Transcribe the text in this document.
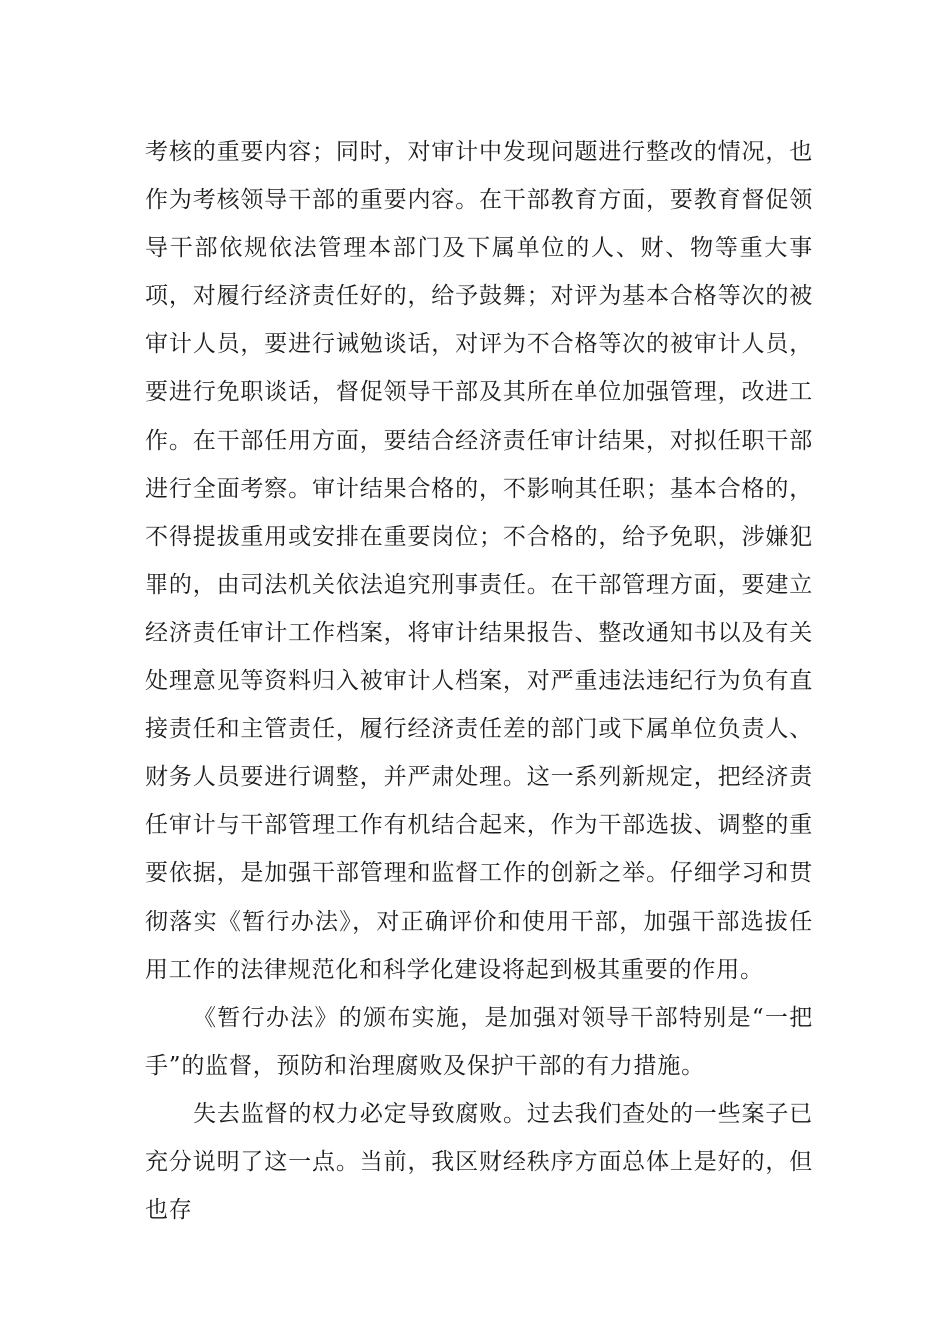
考核的重要内容；同时，对审计中发现问题进行整改的情况，也作为考核领导干部的重要内容。在干部教育方面，要教育督促领导干部依规依法管理本部门及下属单位的人、财、物等重大事项，对履行经济责任好的，给予鼓舞；对评为基本合格等次的被审计人员，要进行诫勉谈话，对评为不合格等次的被审计人员，要进行免职谈话，督促领导干部及其所在单位加强管理，改进工作。在干部任用方面，要结合经济责任审计结果，对拟任职干部进行全面考察。审计结果合格的，不影响其任职；基本合格的，不得提拔重用或安排在重要岗位；不合格的，给予免职，涉嫌犯罪的，由司法机关依法追究刑事责任。在干部管理方面，要建立经济责任审计工作档案，将审计结果报告、整改通知书以及有关处理意见等资料归入被审计人档案，对严重违法违纪行为负有直接责任和主管责任，履行经济责任差的部门或下属单位负责人、财务人员要进行调整，并严肃处理。这一系列新规定，把经济责任审计与干部管理工作有机结合起来，作为干部选拔、调整的重要依据，是加强干部管理和监督工作的创新之举。仔细学习和贯彻落实《暂行办法》，对正确评价和使用干部，加强干部选拔任用工作的法律规范化和科学化建设将起到极其重要的作用。

《暂行办法》的颁布实施，是加强对领导干部特别是“一把手”的监督，预防和治理腐败及保护干部的有力措施。

失去监督的权力必定导致腐败。过去我们查处的一些案子已充分说明了这一点。当前，我区财经秩序方面总体上是好的，但也存
